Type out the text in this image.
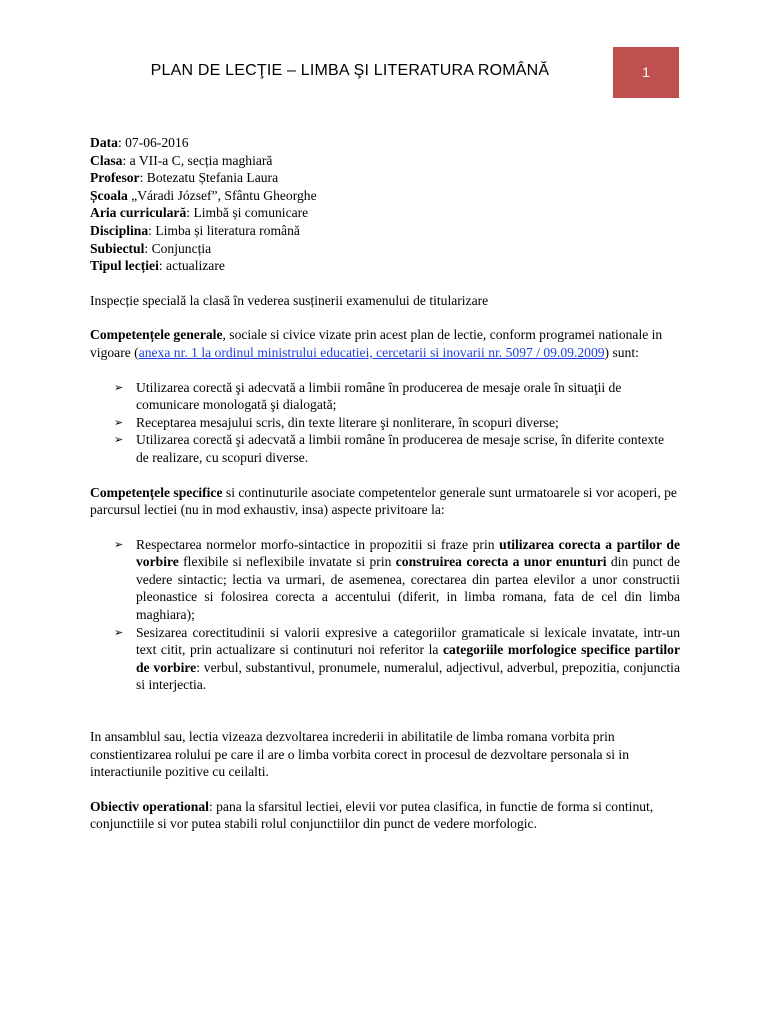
PLAN DE LECŢIE – LIMBA ŞI LITERATURA ROMÂNĂ	1
Data: 07-06-2016
Clasa: a VII-a C, secția maghiară
Profesor: Botezatu Ștefania Laura
Școala „Váradi József”, Sfântu Gheorghe
Aria curriculară: Limbă și comunicare
Disciplina: Limba și literatura română
Subiectul: Conjuncția
Tipul lecției: actualizare

Inspecție specială la clasă în vederea susținerii examenului de titularizare

Competențele generale, sociale si civice vizate prin acest plan de lectie, conform programei nationale in vigoare (anexa nr. 1 la ordinul ministrului educatiei, cercetarii si inovarii nr. 5097 / 09.09.2009) sunt:

➢ Utilizarea corectă şi adecvată a limbii române în producerea de mesaje orale în situaţii de comunicare monologată şi dialogată;
➢ Receptarea mesajului scris, din texte literare şi nonliterare, în scopuri diverse;
➢ Utilizarea corectă şi adecvată a limbii române în producerea de mesaje scrise, în diferite contexte de realizare, cu scopuri diverse.

Competențele specifice si continuturile asociate competentelor generale sunt urmatoarele si vor acoperi, pe parcursul lectiei (nu in mod exhaustiv, insa) aspecte privitoare la:

➢ Respectarea normelor morfo-sintactice in propozitii si fraze prin utilizarea corecta a partilor de vorbire flexibile si neflexibile invatate si prin construirea corecta a unor enunturi din punct de vedere sintactic; lectia va urmari, de asemenea, corectarea din partea elevilor a unor constructii pleonastice si folosirea corecta a accentului (diferit, in limba romana, fata de cel din limba maghiara);
➢ Sesizarea corectitudinii si valorii expresive a categoriilor gramaticale si lexicale invatate, intr-un text citit, prin actualizare si continuturi noi referitor la categoriile morfologice specifice partilor de vorbire: verbul, substantivul, pronumele, numeralul, adjectivul, adverbul, prepozitia, conjunctia si interjectia.

In ansamblul sau, lectia vizeaza dezvoltarea increderii in abilitatile de limba romana vorbita prin constientizarea rolului pe care il are o limba vorbita corect in procesul de dezvoltare personala si in interactiunile pozitive cu ceilalti.

Obiectiv operational: pana la sfarsitul lectiei, elevii vor putea clasifica, in functie de forma si continut, conjunctiile si vor putea stabili rolul conjunctiilor din punct de vedere morfologic.
